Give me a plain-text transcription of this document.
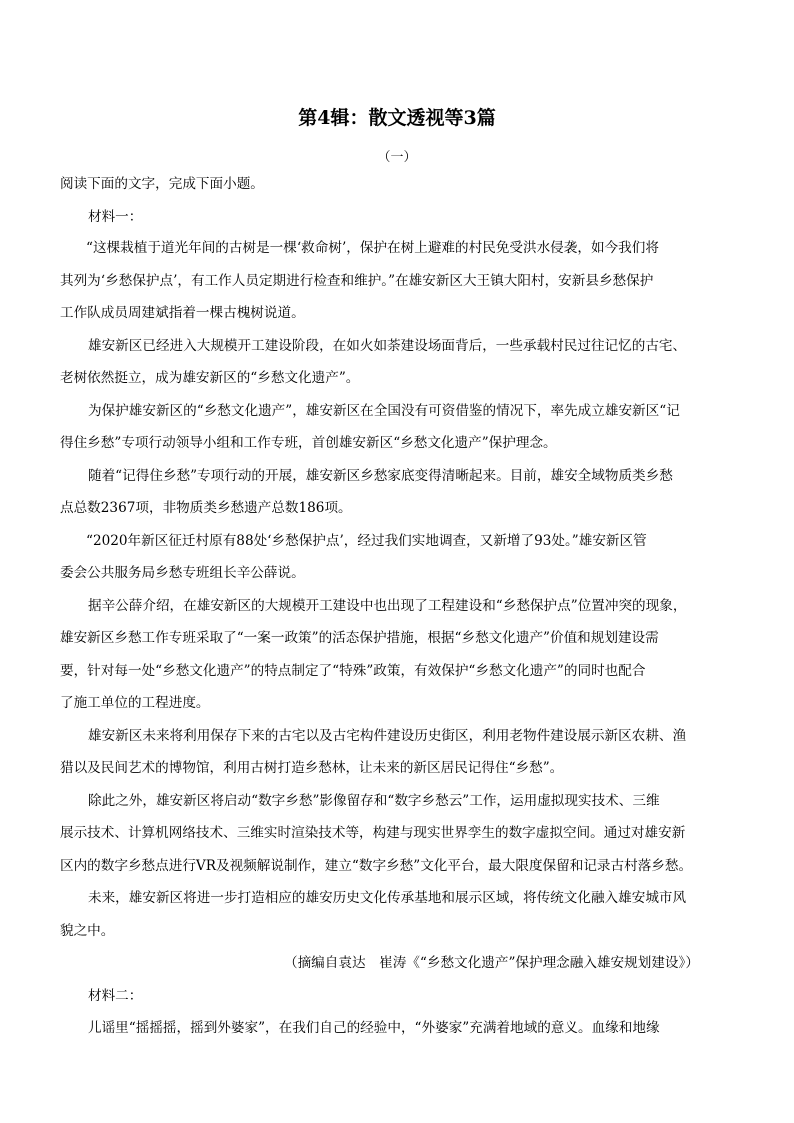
第4辑：散文透视等3篇
（一）
阅读下面的文字，完成下面小题。
材料一：
“这棵栽植于道光年间的古树是一棵‘救命树’，保护在树上避难的村民免受洪水侵袭，如今我们将
其列为‘乡愁保护点’，有工作人员定期进行检查和维护。”在雄安新区大王镇大阳村，安新县乡愁保护
工作队成员周建斌指着一棵古槐树说道。
雄安新区已经进入大规模开工建设阶段，在如火如荼建设场面背后，一些承载村民过往记忆的古宅、
老树依然挺立，成为雄安新区的“乡愁文化遗产”。
为保护雄安新区的“乡愁文化遗产”，雄安新区在全国没有可资借鉴的情况下，率先成立雄安新区“记
得住乡愁”专项行动领导小组和工作专班，首创雄安新区“乡愁文化遗产”保护理念。
随着“记得住乡愁”专项行动的开展，雄安新区乡愁家底变得清晰起来。目前，雄安全域物质类乡愁
点总数2367项，非物质类乡愁遗产总数186项。
“2020年新区征迁村原有88处‘乡愁保护点’，经过我们实地调查，又新增了93处。”雄安新区管
委会公共服务局乡愁专班组长辛公薛说。
据辛公薛介绍，在雄安新区的大规模开工建设中也出现了工程建设和“乡愁保护点”位置冲突的现象，
雄安新区乡愁工作专班采取了“一案一政策”的活态保护措施，根据“乡愁文化遗产”价值和规划建设需
要，针对每一处“乡愁文化遗产”的特点制定了“特殊”政策，有效保护“乡愁文化遗产”的同时也配合
了施工单位的工程进度。
雄安新区未来将利用保存下来的古宅以及古宅构件建设历史街区，利用老物件建设展示新区农耕、渔
猎以及民间艺术的博物馆，利用古树打造乡愁林，让未来的新区居民记得住“乡愁”。
除此之外，雄安新区将启动“数字乡愁”影像留存和“数字乡愁云”工作，运用虚拟现实技术、三维
展示技术、计算机网络技术、三维实时渲染技术等，构建与现实世界孪生的数字虚拟空间。通过对雄安新
区内的数字乡愁点进行VR及视频解说制作，建立“数字乡愁”文化平台，最大限度保留和记录古村落乡愁。
未来，雄安新区将进一步打造相应的雄安历史文化传承基地和展示区域，将传统文化融入雄安城市风
貌之中。
（摘编自袁达　崔涛《“乡愁文化遗产”保护理念融入雄安规划建设》）
材料二：
儿谣里“摇摇摇，摇到外婆家”，在我们自己的经验中，“外婆家”充满着地域的意义。血缘和地缘
